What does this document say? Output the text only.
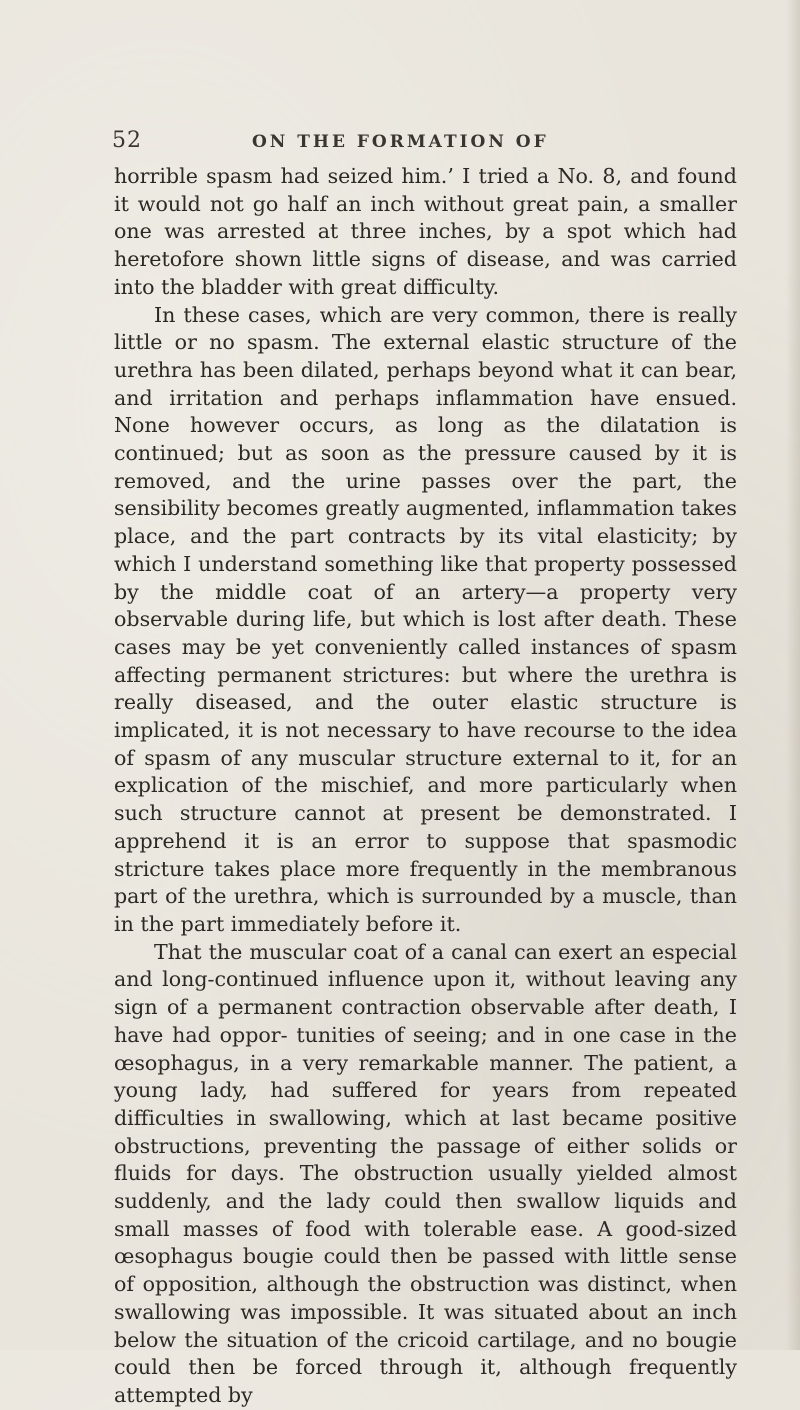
52	ON THE FORMATION OF

horrible spasm had seized him.’ I tried a No. 8, and found it would not go half an inch without great pain, a smaller one was arrested at three inches, by a spot which had heretofore shown little signs of disease, and was carried into the bladder with great difficulty.

In these cases, which are very common, there is really little or no spasm. The external elastic structure of the urethra has been dilated, perhaps beyond what it can bear, and irritation and perhaps inflammation have ensued. None however occurs, as long as the dilatation is continued; but as soon as the pressure caused by it is removed, and the urine passes over the part, the sensibility becomes greatly augmented, inflammation takes place, and the part contracts by its vital elasticity; by which I understand something like that property possessed by the middle coat of an artery—a property very observable during life, but which is lost after death. These cases may be yet conveniently called instances of spasm affecting permanent strictures: but where the urethra is really diseased, and the outer elastic structure is implicated, it is not necessary to have recourse to the idea of spasm of any muscular structure external to it, for an explication of the mischief, and more particularly when such structure cannot at present be demonstrated. I apprehend it is an error to suppose that spasmodic stricture takes place more frequently in the membranous part of the urethra, which is surrounded by a muscle, than in the part immediately before it.

That the muscular coat of a canal can exert an especial and long-continued influence upon it, without leaving any sign of a permanent contraction observable after death, I have had oppor- tunities of seeing; and in one case in the œsophagus, in a very remarkable manner. The patient, a young lady, had suffered for years from repeated difficulties in swallowing, which at last became positive obstructions, preventing the passage of either solids or fluids for days. The obstruction usually yielded almost suddenly, and the lady could then swallow liquids and small masses of food with tolerable ease. A good-sized œsophagus bougie could then be passed with little sense of opposition, although the obstruction was distinct, when swallowing was impossible. It was situated about an inch below the situation of the cricoid cartilage, and no bougie could then be forced through it, although frequently attempted by
